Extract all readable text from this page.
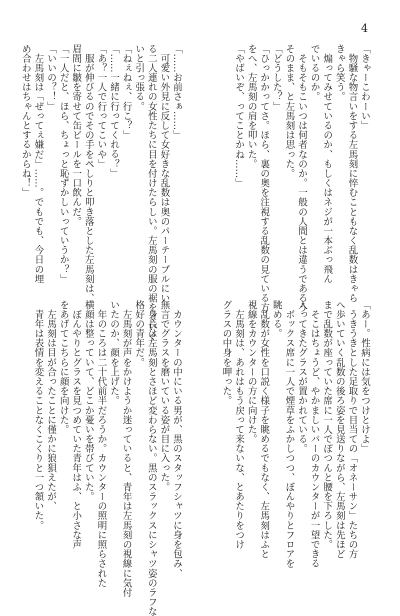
4
「きゃーこわーい」
　物騒な物言いをする左馬刻に悴むこともなく乱数はきゃら
きゃら笑う。
　煽ってみせているのか、もしくはネジが一本ぶっ飛ん
でいるのか。
　そもそもこいつは何者なのか。一般の人間とは違うであろう
そのまま、と左馬刻は思った。
「どうした？」
「ひっかかってさ。ほら、裏の奥を注視する乱数の見ている方
をへ、左馬刻の肩を叩いた。
「やばいぞ、ってことかね……」
「……お前さぁ……」
　可愛い外見に反して女好きな乱数は奥のパーテーブルにい
る二人連れの女性たちに目を付けたらしい。左馬刻の服の裾をぐいぐ
いと引っ張る。
「ねぇねぇ、行こ？」
「……一緒に行ってくれる？」
「あ？一人で行ってこいや」
　服が伸びるのでその手をぺしりと叩き落とした左馬刻は、
眉間に皺を寄せて缶ビールを一口飲んだ。
「一人だと、ほら、ちょっと恥ずかしいっていうか？」
「いいの？！」
　左馬刻は「ぜってぇ嫌だ」……。でもでも、今日の埋
め合わせはちゃんとするからね！」
「あー。性病には気をつけとけよ」
　うきうきとした足取りで目当ての「オネーサン」たちの方
へ歩いていく乱数の後ろ姿を見送りながら、左馬刻は先ほど
まで乱数が座っていた席に一人でぽつんと腰を下ろした。
　そこはちょうど、やかましいバーのカウンターが一望できる
入ってきたグラスが置かれている。
　ボックス席に一人で煙草をふかしつつ、ぼんやりとフロアを
眺める。
　乱数が女性を口説く様子を眺めるでもなく、左馬刻はふと
視線をカウンターの方に向けた。
　左馬刻は、あれはもう戻って来ないな、とあたりをつけ
グラスの中身を呷った。
　カウンターの中にいる男が、黒のスタッフシャツに身を包み、
無言でグラスを磨いている姿が目に入った。
　身長は左馬刻とさほど変わらない。黒のスラックスにシャツ姿のラフな
格好の青年だ。
　左馬刻が声をかけようか迷っていると、青年は左馬刻の視線に気付
いたのか、顔を上げた。
　年のころは二十代前半だろうか。カウンターの照明に照らされた
横顔は整っていて、どこか憂いを帯びていた。
　ぼんやりとグラスを見つめていた青年はふ、と小さな声
をあげてこちらに顔を向けた。
　左馬刻は目が合ったことに僅かに狼狽えたが、
　青年は表情を変えることなくこくりと一つ頷いた。
